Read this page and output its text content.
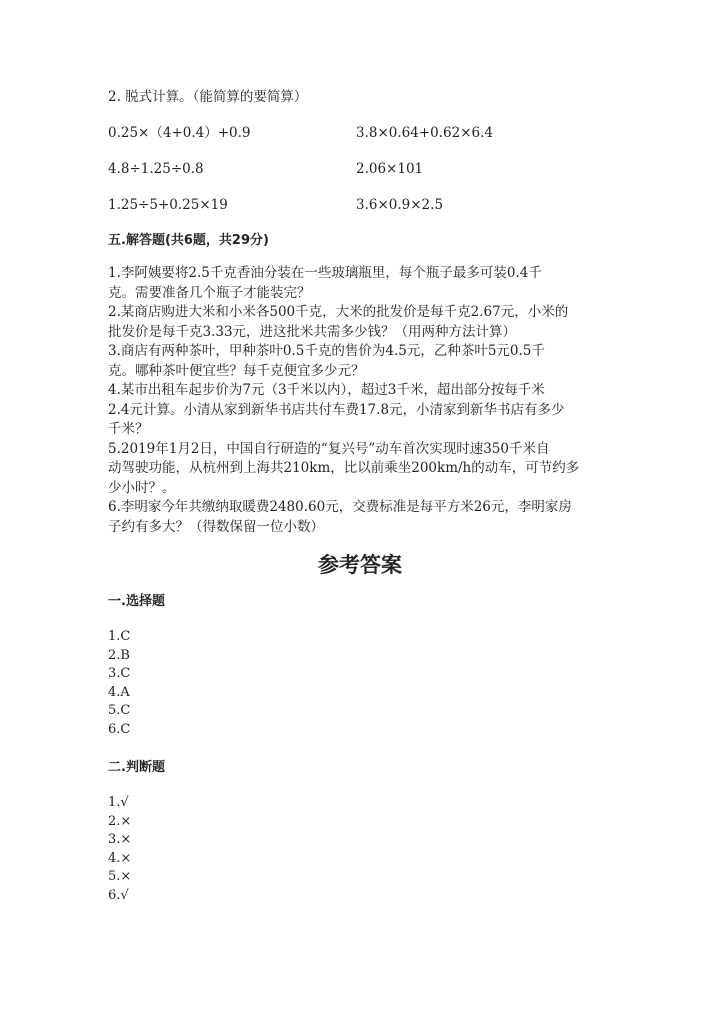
2. 脱式计算。（能简算的要简算）
0.25×（4+0.4）+0.9	3.8×0.64+0.62×6.4
4.8÷1.25÷0.8	2.06×101
1.25÷5+0.25×19	3.6×0.9×2.5
五.解答题(共6题，共29分)
1.李阿姨要将2.5千克香油分装在一些玻璃瓶里，每个瓶子最多可装0.4千
克。需要准备几个瓶子才能装完？
2.某商店购进大米和小米各500千克，大米的批发价是每千克2.67元，小米的
批发价是每千克3.33元，进这批米共需多少钱？（用两种方法计算）
3.商店有两种茶叶，甲种茶叶0.5千克的售价为4.5元，乙种茶叶5元0.5千
克。哪种茶叶便宜些？每千克便宜多少元？
4.某市出租车起步价为7元（3千米以内），超过3千米，超出部分按每千米
2.4元计算。小清从家到新华书店共付车费17.8元，小清家到新华书店有多少
千米？
5.2019年1月2日，中国自行研造的“复兴号”动车首次实现时速350千米自
动驾驶功能，从杭州到上海共210km，比以前乘坐200km/h的动车，可节约多
少小时？。
6.李明家今年共缴纳取暖费2480.60元，交费标准是每平方米26元，李明家房
子约有多大？（得数保留一位小数）
参考答案
一.选择题
1.C
2.B
3.C
4.A
5.C
6.C
二.判断题
1.√
2.×
3.×
4.×
5.×
6.√
